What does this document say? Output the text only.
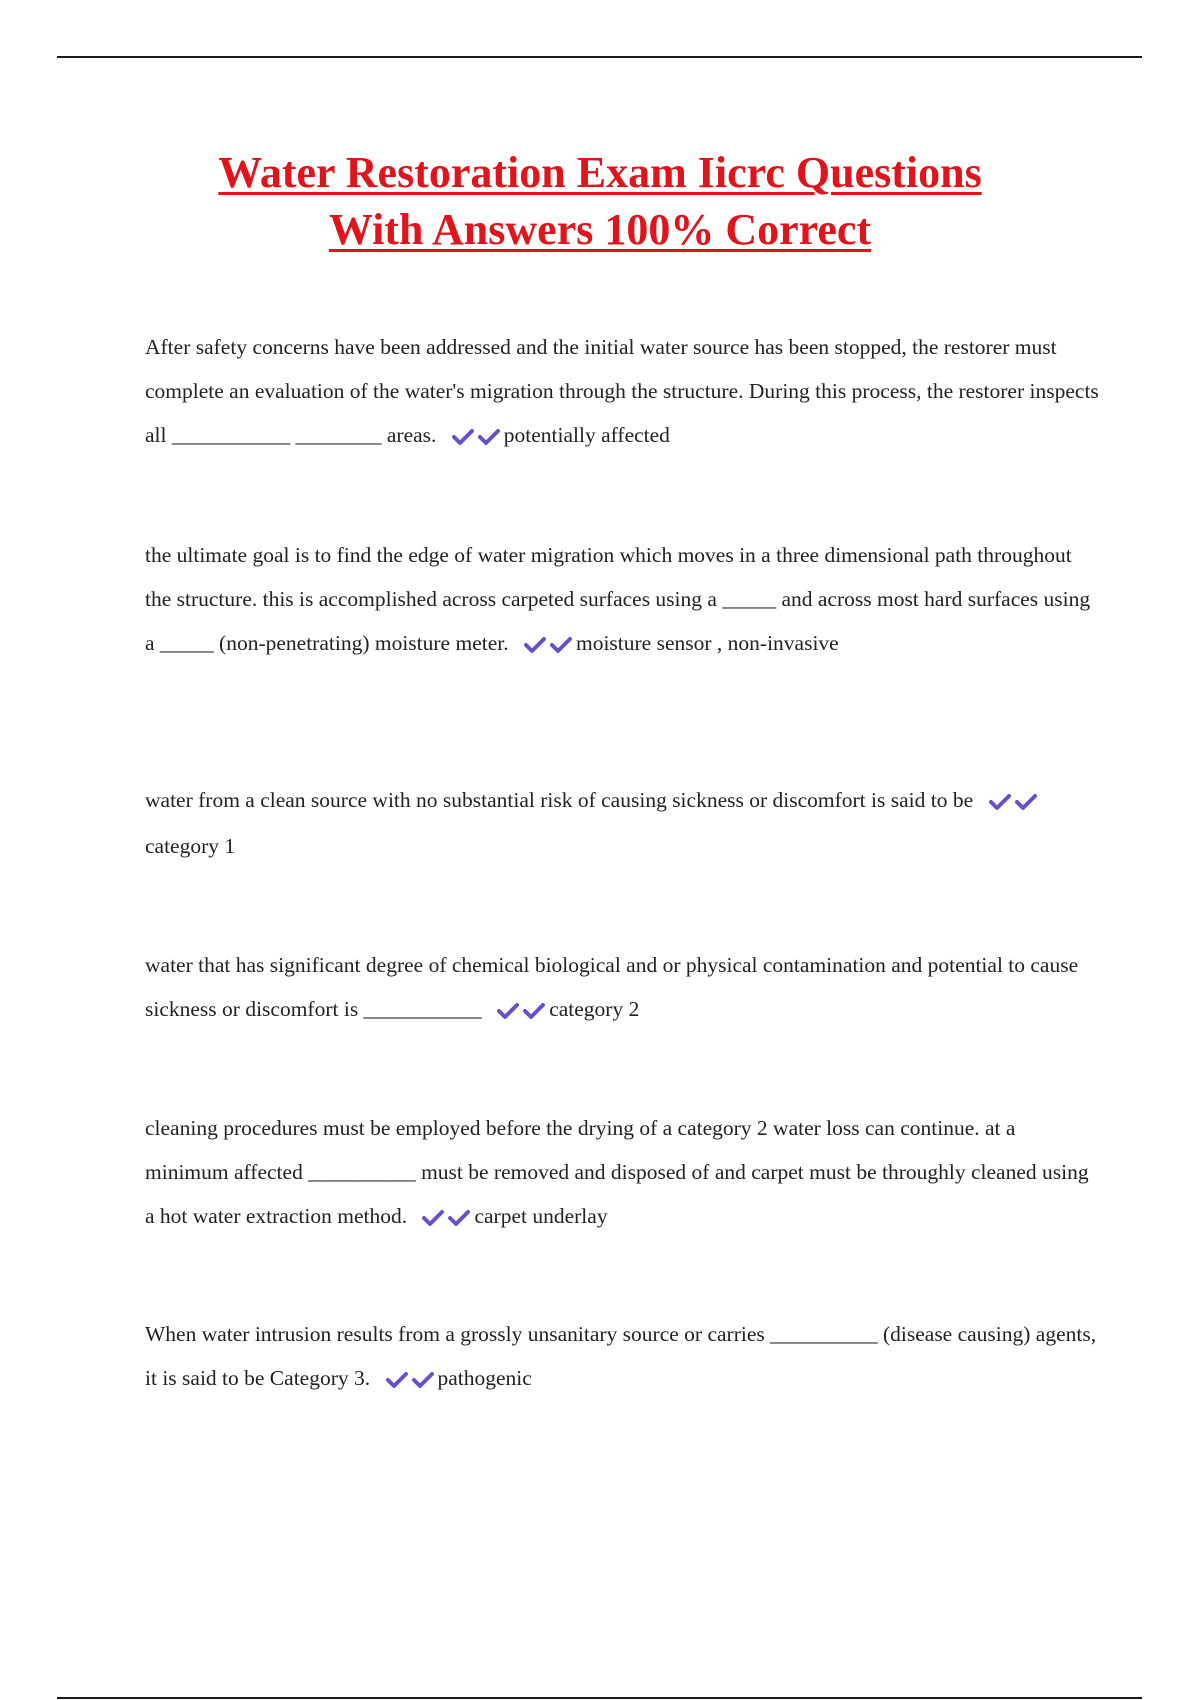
Water Restoration Exam Iicrc Questions
With Answers 100% Correct

After safety concerns have been addressed and the initial water source has been stopped, the restorer must complete an evaluation of the water's migration through the structure. During this process, the restorer inspects all ___________ ________ areas.	potentially affected

the ultimate goal is to find the edge of water migration which moves in a three dimensional path throughout the structure. this is accomplished across carpeted surfaces using a _____ and across most hard surfaces using a _____ (non-penetrating) moisture meter.	moisture sensor , non-invasive

water from a clean source with no substantial risk of causing sickness or discomfort is said to be category 1

water that has significant degree of chemical biological and or physical contamination and potential to cause sickness or discomfort is ___________	category 2

cleaning procedures must be employed before the drying of a category 2 water loss can continue. at a minimum affected __________ must be removed and disposed of and carpet must be throughly cleaned using a hot water extraction method.	carpet underlay

When water intrusion results from a grossly unsanitary source or carries __________ (disease causing) agents, it is said to be Category 3.	pathogenic
